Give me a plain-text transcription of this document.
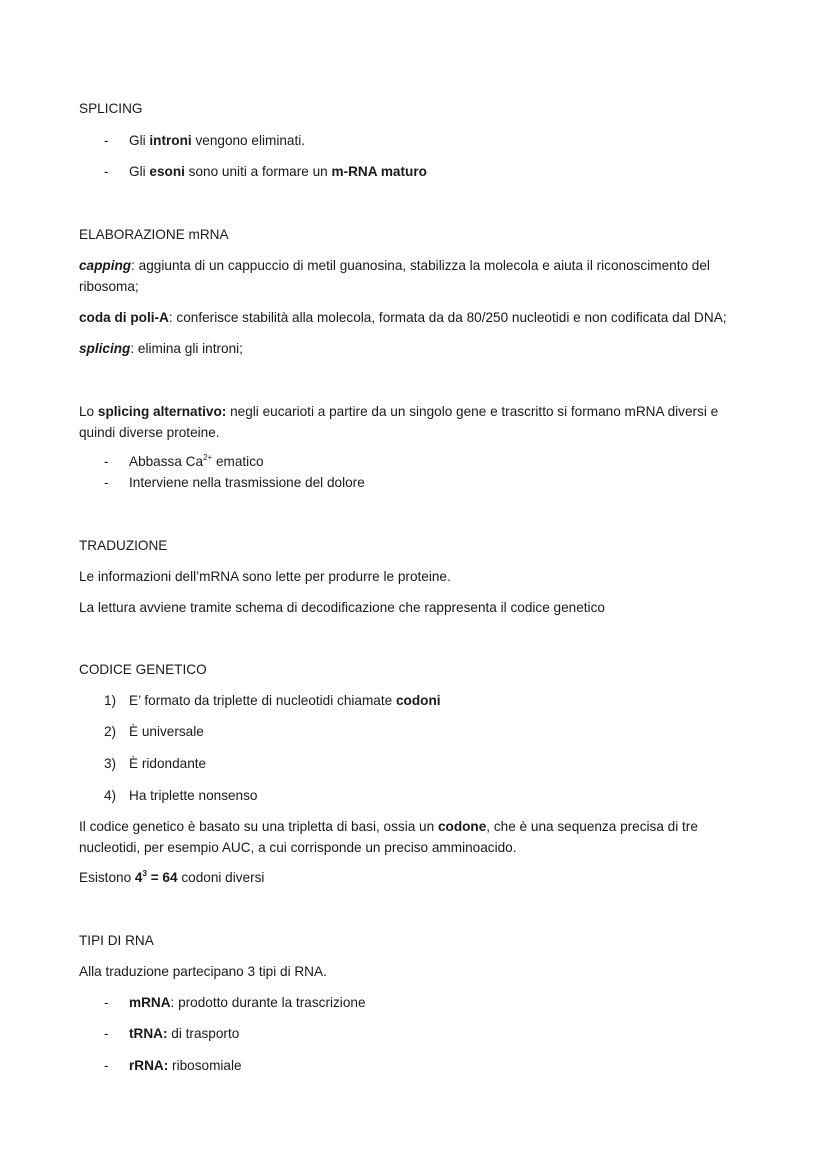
SPLICING
- Gli introni vengono eliminati.
- Gli esoni sono uniti a formare un m-RNA maturo
ELABORAZIONE mRNA
capping: aggiunta di un cappuccio di metil guanosina, stabilizza la molecola e aiuta il riconoscimento del ribosoma;
coda di poli-A: conferisce stabilità alla molecola, formata da da 80/250 nucleotidi e non codificata dal DNA;
splicing: elimina gli introni;
Lo splicing alternativo: negli eucarioti a partire da un singolo gene e trascritto si formano mRNA diversi e quindi diverse proteine.
- Abbassa $Ca^{2+}$ ematico
- Interviene nella trasmissione del dolore
TRADUZIONE
Le informazioni dell’mRNA sono lette per produrre le proteine.
La lettura avviene tramite schema di decodificazione che rappresenta il codice genetico
CODICE GENETICO
1) E’ formato da triplette di nucleotidi chiamate codoni
2) È universale
3) È ridondante
4) Ha triplette nonsenso
Il codice genetico è basato su una tripletta di basi, ossia un codone, che è una sequenza precisa di tre nucleotidi, per esempio AUC, a cui corrisponde un preciso amminoacido.
Esistono $4^3 = 64$ codoni diversi
TIPI DI RNA
Alla traduzione partecipano 3 tipi di RNA.
- mRNA: prodotto durante la trascrizione
- tRNA: di trasporto
- rRNA: ribosomiale
